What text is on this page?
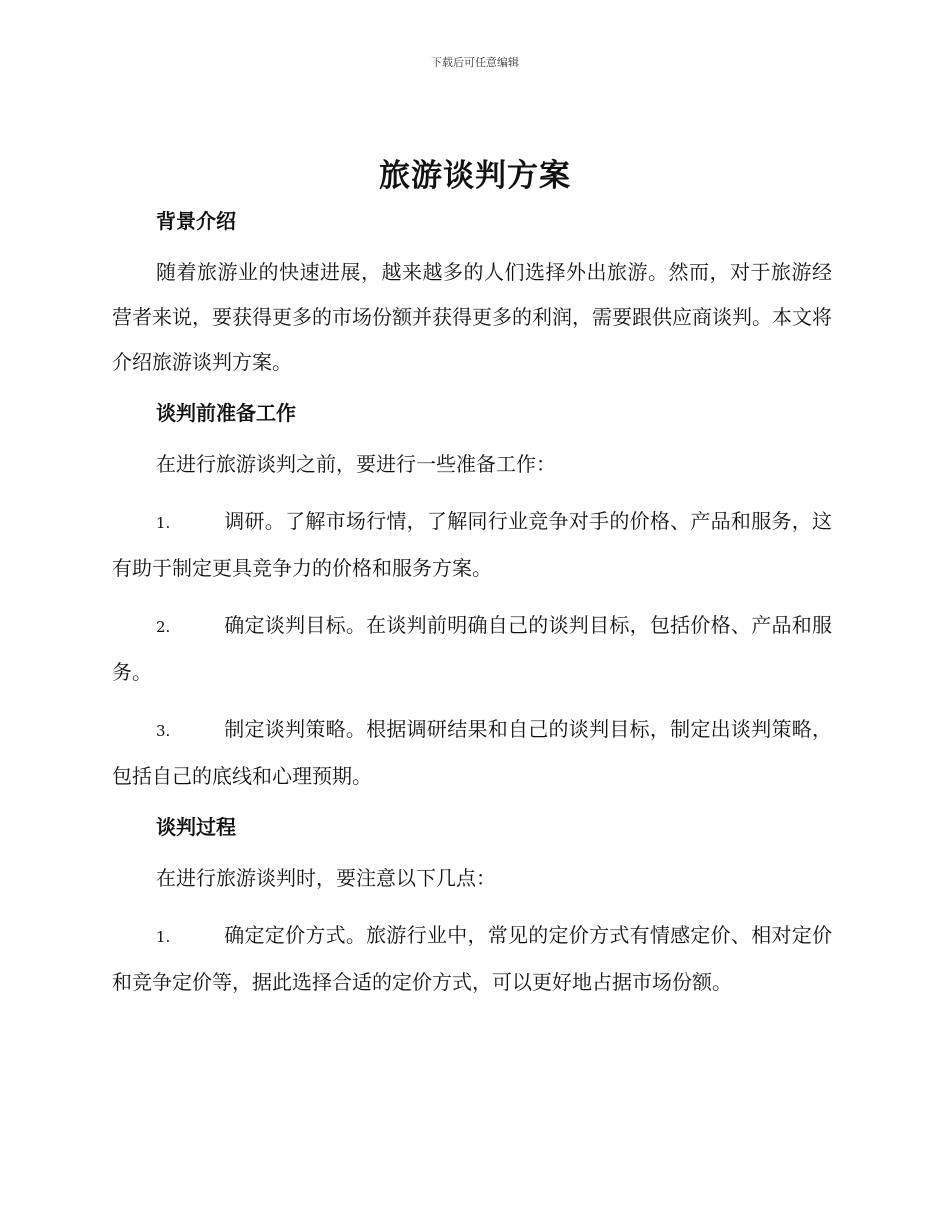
下载后可任意编辑
旅游谈判方案
背景介绍

随着旅游业的快速进展，越来越多的人们选择外出旅游。然而，对于旅游经营者来说，要获得更多的市场份额并获得更多的利润，需要跟供应商谈判。本文将介绍旅游谈判方案。

谈判前准备工作

在进行旅游谈判之前，要进行一些准备工作：

1.	调研。了解市场行情，了解同行业竞争对手的价格、产品和服务，这有助于制定更具竞争力的价格和服务方案。

2.	确定谈判目标。在谈判前明确自己的谈判目标，包括价格、产品和服务。

3.	制定谈判策略。根据调研结果和自己的谈判目标，制定出谈判策略，包括自己的底线和心理预期。

谈判过程

在进行旅游谈判时，要注意以下几点：

1.	确定定价方式。旅游行业中，常见的定价方式有情感定价、相对定价和竞争定价等，据此选择合适的定价方式，可以更好地占据市场份额。
